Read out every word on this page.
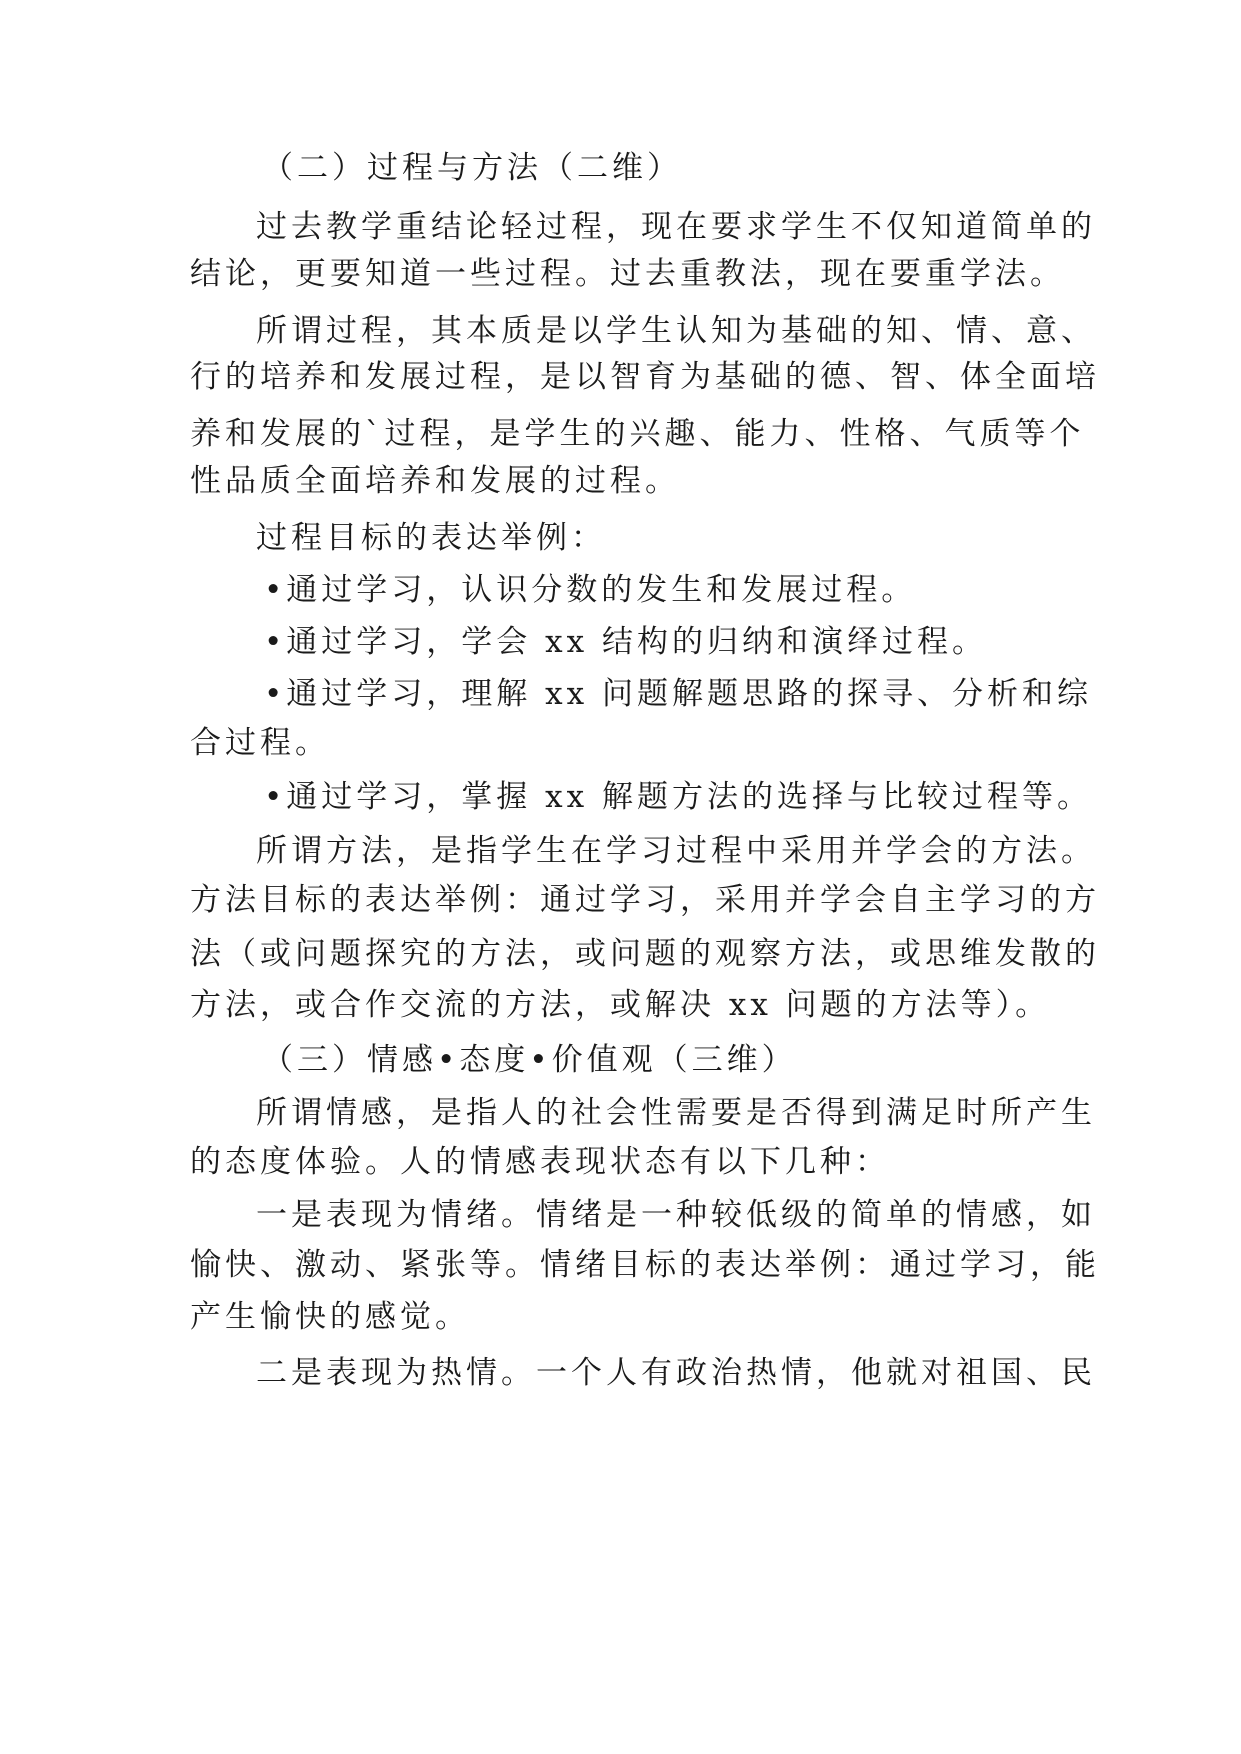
（二）过程与方法（二维）
过去教学重结论轻过程，现在要求学生不仅知道简单的
结论，更要知道一些过程。过去重教法，现在要重学法。
所谓过程，其本质是以学生认知为基础的知、情、意、
行的培养和发展过程，是以智育为基础的德、智、体全面培
养和发展的`过程，是学生的兴趣、能力、性格、气质等个
性品质全面培养和发展的过程。
过程目标的表达举例：
•通过学习，认识分数的发生和发展过程。
•通过学习，学会 xx 结构的归纳和演绎过程。
•通过学习，理解 xx 问题解题思路的探寻、分析和综
合过程。
•通过学习，掌握 xx 解题方法的选择与比较过程等。
所谓方法，是指学生在学习过程中采用并学会的方法。
方法目标的表达举例：通过学习，采用并学会自主学习的方
法（或问题探究的方法，或问题的观察方法，或思维发散的
方法，或合作交流的方法，或解决 xx 问题的方法等）。
（三）情感•态度•价值观（三维）
所谓情感，是指人的社会性需要是否得到满足时所产生
的态度体验。人的情感表现状态有以下几种：
一是表现为情绪。情绪是一种较低级的简单的情感，如
愉快、激动、紧张等。情绪目标的表达举例：通过学习，能
产生愉快的感觉。
二是表现为热情。一个人有政治热情，他就对祖国、民
